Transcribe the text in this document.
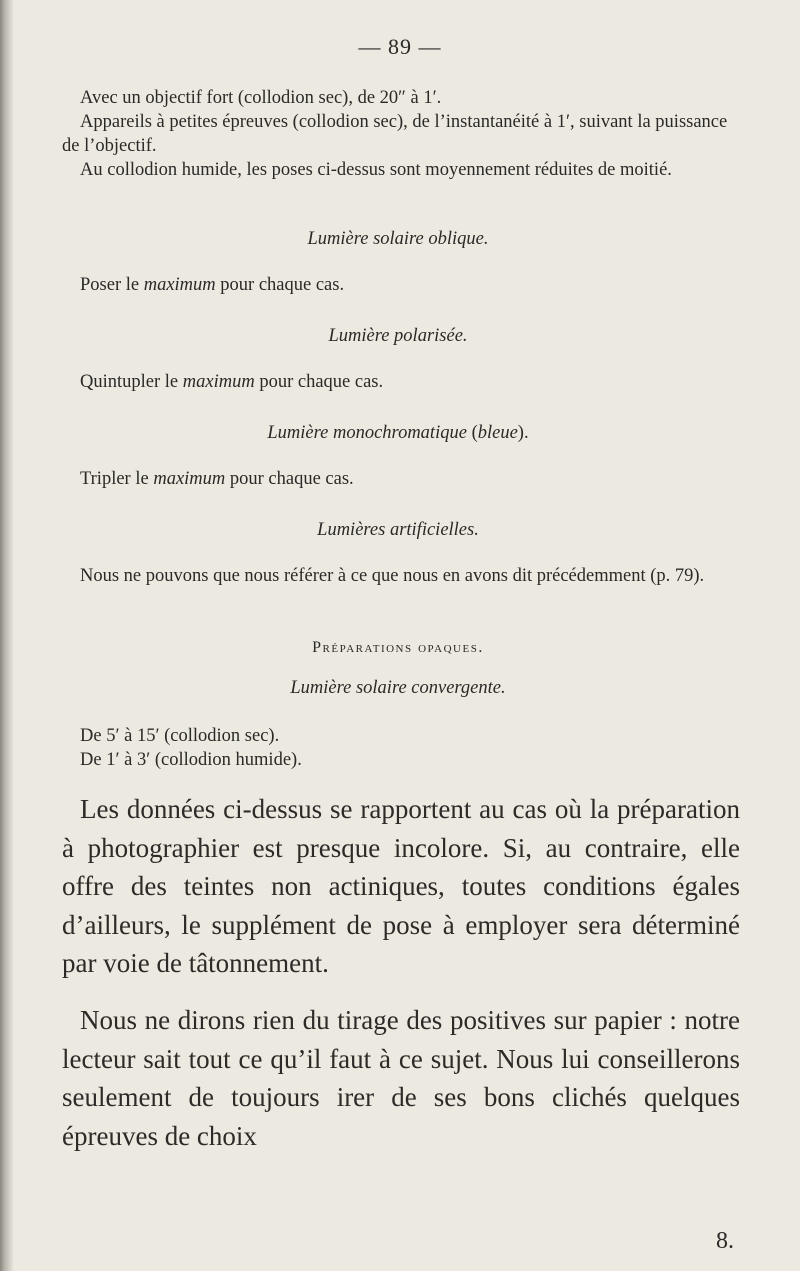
— 89 —

Avec un objectif fort (collodion sec), de 20″ à 1′.

Appareils à petites épreuves (collodion sec), de l’instantanéité à 1′, suivant la puissance de l’objectif.

Au collodion humide, les poses ci-dessus sont moyennement réduites de moitié.

Lumière solaire oblique.

Poser le maximum pour chaque cas.

Lumière polarisée.

Quintupler le maximum pour chaque cas.

Lumière monochromatique (bleue).

Tripler le maximum pour chaque cas.

Lumières artificielles.

Nous ne pouvons que nous référer à ce que nous en avons dit précédemment (p. 79).

Préparations opaques.

Lumière solaire convergente.

De 5′ à 15′ (collodion sec).

De 1′ à 3′ (collodion humide).

Les données ci-dessus se rapportent au cas où la préparation à photographier est presque incolore. Si, au contraire, elle offre des teintes non actiniques, toutes conditions égales d’ailleurs, le supplément de pose à employer sera déterminé par voie de tâtonnement.

Nous ne dirons rien du tirage des positives sur papier : notre lecteur sait tout ce qu’il faut à ce sujet. Nous lui conseillerons seulement de toujours irer de ses bons clichés quelques épreuves de choix

8.
